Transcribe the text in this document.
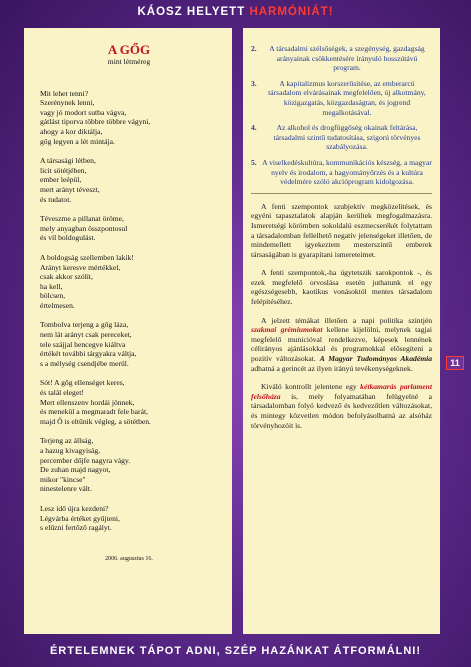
KÁOSZ HELYETT HARMÓNIÁT!
A GŐG
mint létméreg
Mit lehet tenni?
Szerénynek lenni,
vagy jó modort sutba vágva,
gátlást tiporva többre többre vágyni,
ahogy a kor diktálja,
gőg legyen a lét mintája.
A társasági létben,
licit sötétjében,
ember leépül,
mert arányt téveszt,
és tudatot.
Téveszme a pillanat öröme,
mely anyagban összpontosul
és víl boldogulást.
A boldogság szellemben lakik!
Arányt keresve mértékkel,
csak akkor szólít,
ha kell,
bölcsen,
értelmesen.
Tombolva terjeng a gőg láza,
nem lát arányt csak pereceket,
tele szájjal hencegve kiáltva
értékét további tárgyakra váltja,
s a mélység csendjébe merül.
Sót! A gőg ellenséget keres,
és talál eleget!
Mert ellenszenv hordái jönnek,
és menekül a megmaradt fele barát,
majd Ő is eltűnik végleg, a sötétben.
Terjeng az állság,
a hazug kivagyiság,
percember dőjfe nagyra vágy.
De zuhan majd nagyot,
mikor "kincse"
ninestelenre vált.
Lesz idő újra kezdeni?
Légvárba értéket gyűjteni,
s elűzni fertőző ragályt.
2006. augusztus 16.
2.	A társadalmi szélsőségek, a szegénység, gazdagság arányainak csökkentésére irányuló hosszútávú program.
3.	A kapitalizmus korszerűsítése, az emberarcú társadalom elvárásainak megfelelően, új alkotmány, közigazgatás, közgazdaságtan, és jogrend megalkotásával.
4.	Az alkohol és drogfüggőség okainak feltárása, társadalmi szintű tudatosítása, szigorú törvényes szabályozása.
5. A viselkedéskultúra, kommunikációs készség, a magyar nyelv és irodalom, a hagyományőrzés és a kultúra védelmére szóló akcióprogram kidolgozása.

A fenti szempontok szubjektív megközelítések, és egyéni tapasztalatok alapján kerültek megfogalmazásra. Ismeretségi körömben sokoldalú eszmecserékét folytattam a társadalomban fellelhető negatív jelenségeket illetően, de mindemellett igyekeztem mesterszintű emberek társaságában is gyarapítani ismereteimet.

A fenti szempontok,-ha úgytetszik sarokpontok -, és ezek megfelelő orvoslása esetén juthatunk el egy egészségesebb, kaotikus vonásoktól mentes társadalom felépítéséhez.

A jelzett témákat illetően a napi politika szintjén szakmai grémiumokat kellene kijelölni, melynek tagjai megfelelő municióval rendelkezve, képesek lennének célirányos ajánlásokkal és programokkal elősegíteni a pozitív változásokat. A Magyar Tudományos Akadémia adhatná a gerincét az ilyen irányú tevékenységeknek.

Kiváló kontrollt jelentene egy kétkamarás parlament felsőháza is, mely folyamatában felügyelné a társadalomban folyó kedvező és kedvezőtlen változásokat, és mintegy közvetlen módon befolyásolhatná az alsóház törvényhozóit is.

11
ÉRTELEMNEK TÁPOT ADNI, SZÉP HAZÁNKAT ÁTFORMÁLNI!
